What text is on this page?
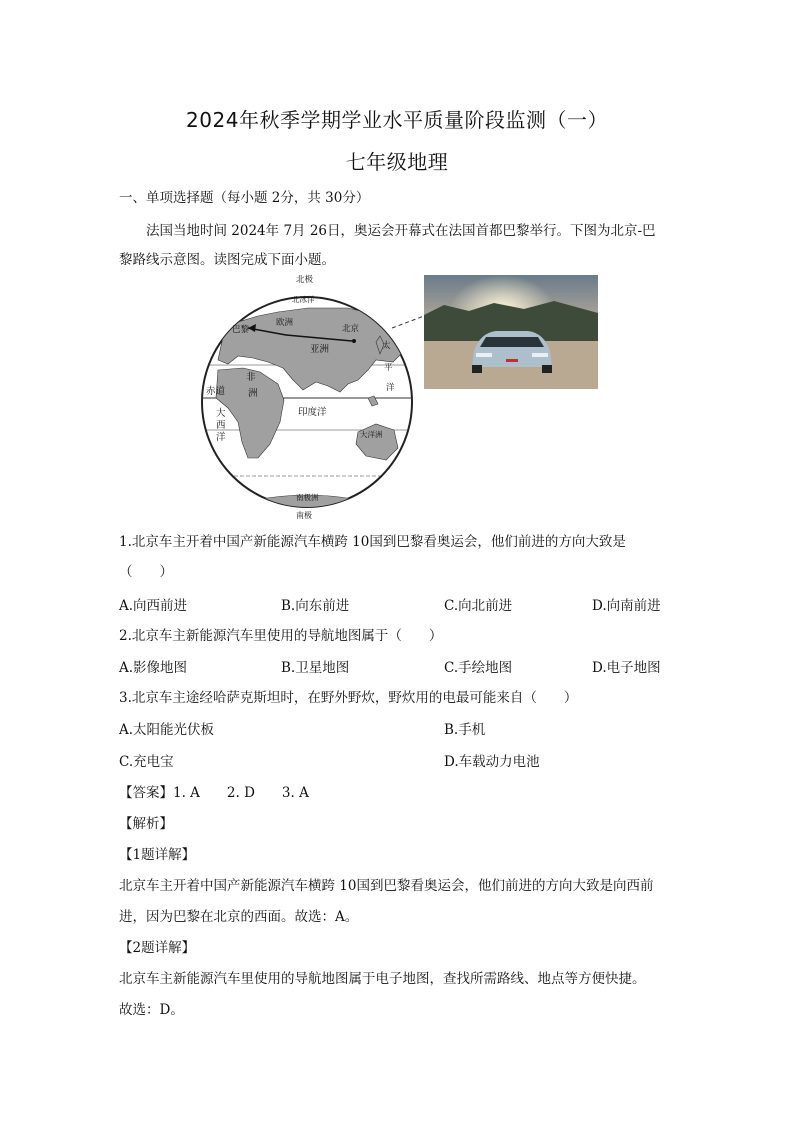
2024年秋季学期学业水平质量阶段监测（一）
七年级地理
一、单项选择题（每小题 2分，共 30分）
法国当地时间 2024年 7月 26日，奥运会开幕式在法国首都巴黎举行。下图为北京-巴
黎路线示意图。读图完成下面小题。
北极
北冰洋
欧洲
巴黎	北京
亚洲	太
平
洋
非
洲
赤道
大
西
洋
印度洋
大洋洲
南极洲
南极
1.北京车主开着中国产新能源汽车横跨 10国到巴黎看奥运会，他们前进的方向大致是
（　　）
A.向西前进	B.向东前进	C.向北前进	D.向南前进
2.北京车主新能源汽车里使用的导航地图属于（　　）
A.影像地图	B.卫星地图	C.手绘地图	D.电子地图
3.北京车主途经哈萨克斯坦时，在野外野炊，野炊用的电最可能来自（　　）
A.太阳能光伏板	B.手机
C.充电宝	D.车载动力电池
【答案】1. A　　2. D　　3. A
【解析】
【1题详解】
北京车主开着中国产新能源汽车横跨 10国到巴黎看奥运会，他们前进的方向大致是向西前
进，因为巴黎在北京的西面。故选：A。
【2题详解】
北京车主新能源汽车里使用的导航地图属于电子地图，查找所需路线、地点等方便快捷。
故选：D。
